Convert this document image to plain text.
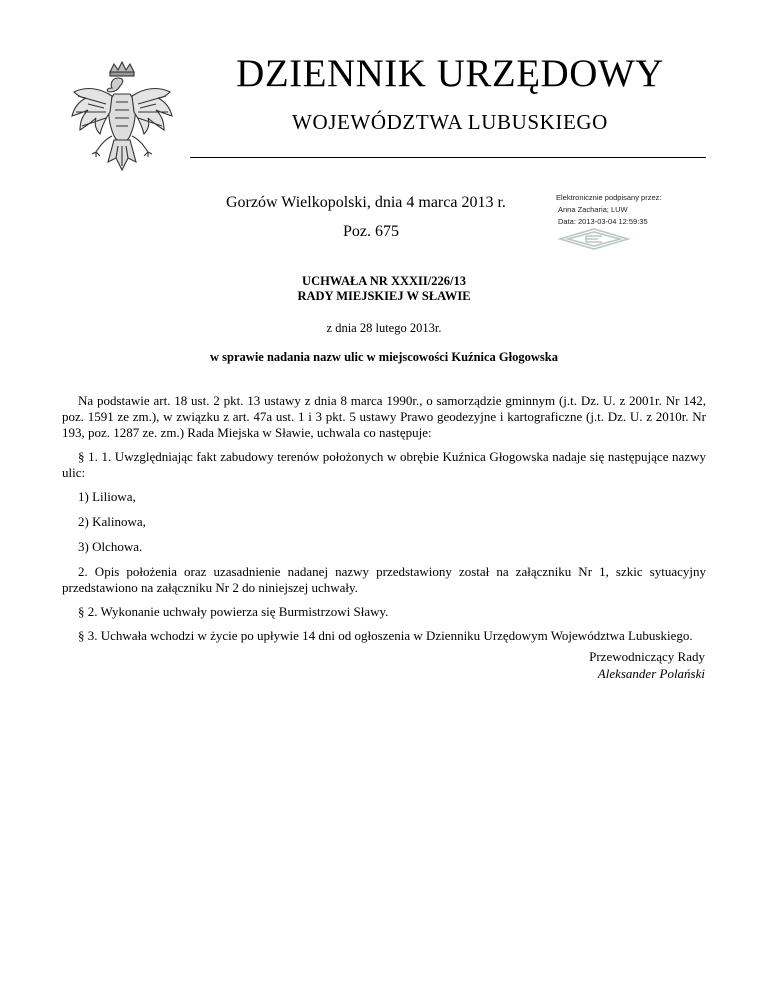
DZIENNIK URZĘDOWY
WOJEWÓDZTWA LUBUSKIEGO
Gorzów Wielkopolski, dnia 4 marca 2013 r.
Poz. 675
Elektronicznie podpisany przez:
Anna Zacharia; LUW
Data: 2013-03-04 12:59:35
UCHWAŁA NR XXXII/226/13
RADY MIEJSKIEJ W SŁAWIE
z dnia 28 lutego 2013r.
w sprawie nadania nazw ulic w miejscowości Kuźnica Głogowska

Na podstawie art. 18 ust. 2 pkt. 13 ustawy z dnia 8 marca 1990r., o samorządzie gminnym (j.t. Dz. U. z 2001r. Nr 142, poz. 1591 ze zm.), w związku z art. 47a ust. 1 i 3 pkt. 5 ustawy Prawo geodezyjne i kartograficzne (j.t. Dz. U. z 2010r. Nr 193, poz. 1287 ze. zm.) Rada Miejska w Sławie, uchwala co następuje:

§ 1. 1. Uwzględniając fakt zabudowy terenów położonych w obrębie Kuźnica Głogowska nadaje się następujące nazwy ulic:

1) Liliowa,

2) Kalinowa,

3) Olchowa.

2. Opis położenia oraz uzasadnienie nadanej nazwy przedstawiony został na załączniku Nr 1, szkic sytuacyjny przedstawiono na załączniku Nr 2 do niniejszej uchwały.

§ 2. Wykonanie uchwały powierza się Burmistrzowi Sławy.

§ 3. Uchwała wchodzi w życie po upływie 14 dni od ogłoszenia w Dzienniku Urzędowym Województwa Lubuskiego.

Przewodniczący Rady
Aleksander Polański
